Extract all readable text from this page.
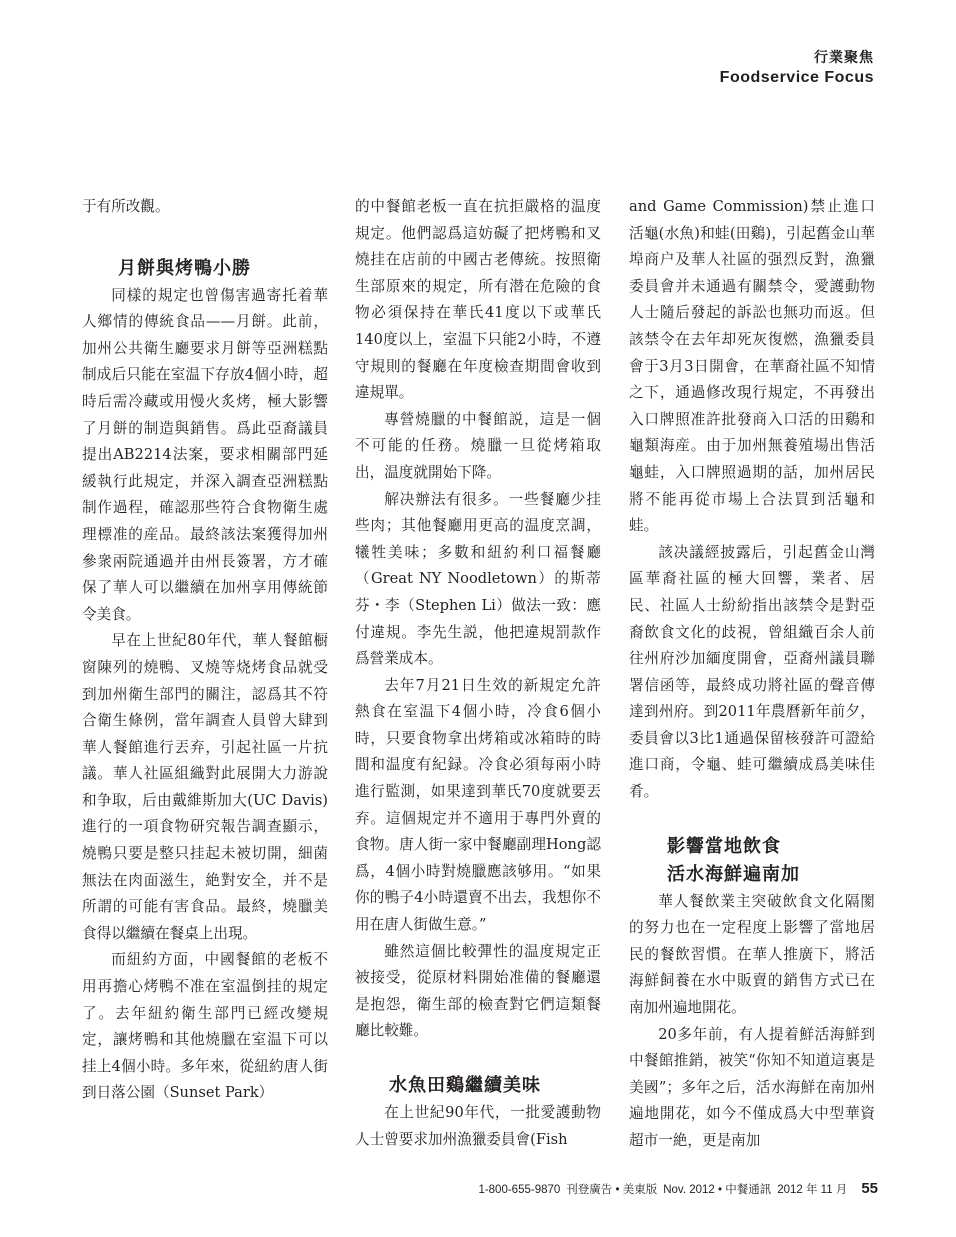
行業聚焦
Foodservice Focus

于有所改觀。

月餅與烤鴨小勝

同樣的規定也曾傷害過寄托着華人鄉情的傳統食品——月餅。此前，加州公共衛生廳要求月餅等亞洲糕點制成后只能在室温下存放4個小時，超時后需冷藏或用慢火炙烤，極大影響了月餅的制造與銷售。爲此亞裔議員提出AB2214法案，要求相關部門延緩執行此規定，并深入調查亞洲糕點制作過程，確認那些符合食物衛生處理標准的産品。最終該法案獲得加州參衆兩院通過并由州長簽署，方才確保了華人可以繼續在加州享用傳統節令美食。

早在上世紀80年代，華人餐館橱窗陳列的燒鴨、叉燒等烧烤食品就受到加州衛生部門的關注，認爲其不符合衛生條例，當年調查人員曾大肆到華人餐館進行丟弃，引起社區一片抗議。華人社區組織對此展開大力游說和争取，后由戴維斯加大(UC Davis)進行的一項食物研究報告調查顯示，燒鴨只要是整只挂起未被切開，細菌無法在肉面滋生，絶對安全，并不是所謂的可能有害食品。最終，燒臘美食得以繼續在餐桌上出現。

而紐約方面，中國餐館的老板不用再擔心烤鴨不准在室温倒挂的規定了。去年紐約衛生部門已經改變規定，讓烤鴨和其他燒臘在室温下可以挂上4個小時。多年來，從紐約唐人街到日落公園（Sunset Park）

的中餐館老板一直在抗拒嚴格的温度規定。他們認爲這妨礙了把烤鴨和叉燒挂在店前的中國古老傳統。按照衛生部原來的規定，所有潜在危險的食物必須保持在華氏41度以下或華氏140度以上，室温下只能2小時，不遵守規則的餐廳在年度檢查期間會收到違規單。

專營燒臘的中餐館説，這是一個不可能的任務。燒臘一旦從烤箱取出，温度就開始下降。

解决辦法有很多。一些餐廳少挂些肉；其他餐廳用更高的温度烹調，犧牲美味；多數和紐約利口福餐廳（Great NY Noodletown）的斯蒂芬・李（Stephen Li）做法一致：應付違規。李先生説，他把違規罰款作爲營業成本。

去年7月21日生效的新規定允許熱食在室温下4個小時，冷食6個小時，只要食物拿出烤箱或冰箱時的時間和温度有紀録。冷食必須每兩小時進行監測，如果達到華氏70度就要丟弃。這個規定并不適用于專門外賣的食物。唐人街一家中餐廳副理Hong認爲，4個小時對燒臘應該够用。“如果你的鴨子4小時還賣不出去，我想你不用在唐人街做生意。”

雖然這個比較彈性的温度規定正被接受，從原材料開始准備的餐廳還是抱怨，衛生部的檢查對它們這類餐廳比較難。

水魚田鷄繼續美味

在上世紀90年代，一批愛護動物人士曾要求加州漁獵委員會(Fish

and Game Commission)禁止進口活龜(水魚)和蛙(田鷄)，引起舊金山華埠商户及華人社區的强烈反對，漁獵委員會并未通過有關禁令，愛護動物人士隨后發起的訴訟也無功而返。但該禁令在去年却死灰復燃，漁獵委員會于3月3日開會，在華裔社區不知情之下，通過修改現行規定，不再發出入口牌照准許批發商入口活的田鷄和龜類海産。由于加州無養殖場出售活龜蛙，入口牌照過期的話，加州居民將不能再從市場上合法買到活龜和蛙。

該决議經披露后，引起舊金山灣區華裔社區的極大回響，業者、居民、社區人士紛紛指出該禁令是對亞裔飲食文化的歧視，曾組織百余人前往州府沙加緬度開會，亞裔州議員聯署信函等，最終成功將社區的聲音傳達到州府。到2011年農曆新年前夕，委員會以3比1通過保留核發許可證給進口商，令龜、蛙可繼續成爲美味佳肴。

影響當地飲食
活水海鮮遍南加

華人餐飲業主突破飲食文化隔閡的努力也在一定程度上影響了當地居民的餐飲習慣。在華人推廣下，將活海鮮飼養在水中販賣的銷售方式已在南加州遍地開花。

20多年前，有人提着鮮活海鮮到中餐館推銷，被笑“你知不知道這裏是美國”；多年之后，活水海鮮在南加州遍地開花，如今不僅成爲大中型華資超市一絶，更是南加

1-800-655-9870 刊登廣告 • 美東版 Nov. 2012 • 中餐通訊 2012 年 11 月 55
